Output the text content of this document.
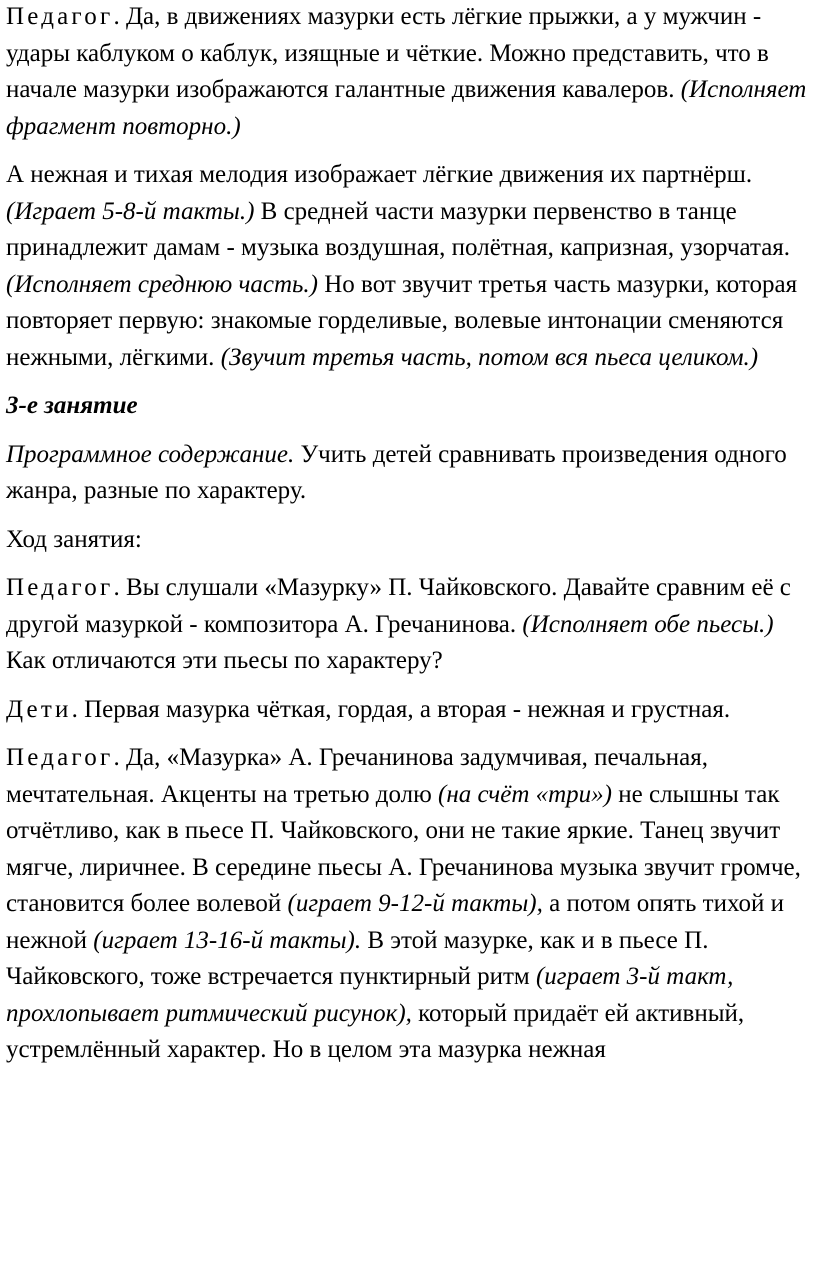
Педагог. Да, в движениях мазурки есть лёгкие прыжки, а у мужчин - удары каблуком о каблук, изящные и чёткие. Можно представить, что в начале мазурки изображаются галантные движения кавалеров. (Исполняет фрагмент повторно.)

А нежная и тихая мелодия изображает лёгкие движения их партнёрш. (Играет 5-8-й такты.) В средней части мазурки первенство в танце принадлежит дамам - музыка воздушная, полётная, капризная, узорчатая. (Исполняет среднюю часть.) Но вот звучит третья часть мазурки, которая повторяет первую: знакомые горделивые, волевые интонации сменяются нежными, лёгкими. (Звучит третья часть, потом вся пьеса целиком.)

3-е занятие

Программное содержание. Учить детей сравнивать произведения одного жанра, разные по характеру.

Ход занятия:

Педагог. Вы слушали «Мазурку» П. Чайковского. Давайте сравним её с другой мазуркой - композитора А. Гречанинова. (Исполняет обе пьесы.) Как отличаются эти пьесы по характеру?

Дети. Первая мазурка чёткая, гордая, а вторая - нежная и грустная.

Педагог. Да, «Мазурка» А. Гречанинова задумчивая, печальная, мечтательная. Акценты на третью долю (на счёт «три») не слышны так отчётливо, как в пьесе П. Чайковского, они не такие яркие. Танец звучит мягче, лиричнее. В середине пьесы А. Гречанинова музыка звучит громче, становится более волевой (играет 9-12-й такты), а потом опять тихой и нежной (играет 13-16-й такты). В этой мазурке, как и в пьесе П. Чайковского, тоже встречается пунктирный ритм (играет 3-й такт, прохлопывает ритмический рисунок), который придаёт ей активный, устремлённый характер. Но в целом эта мазурка нежная
